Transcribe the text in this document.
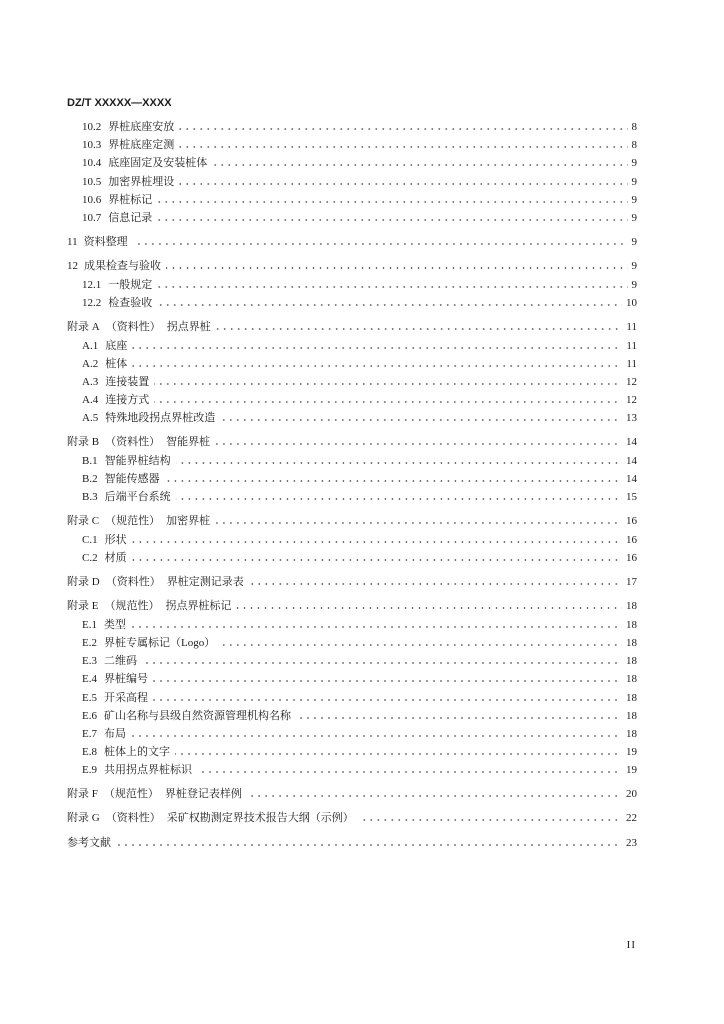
DZ/T XXXXX—XXXX
10.2 界桩底座安放	8
10.3 界桩底座定测	8
10.4 底座固定及安装桩体	9
10.5 加密界桩埋设	9
10.6 界桩标记	9
10.7 信息记录	9
11 资料整理	9
12 成果检查与验收	9
12.1 一般规定	9
12.2 检查验收	10
附录 A （资料性） 拐点界桩	11
A.1 底座	11
A.2 桩体	11
A.3 连接装置	12
A.4 连接方式	12
A.5 特殊地段拐点界桩改造	13
附录 B （资料性） 智能界桩	14
B.1 智能界桩结构	14
B.2 智能传感器	14
B.3 后端平台系统	15
附录 C （规范性） 加密界桩	16
C.1 形状	16
C.2 材质	16
附录 D （资料性） 界桩定测记录表	17
附录 E （规范性） 拐点界桩标记	18
E.1 类型	18
E.2 界桩专属标记（Logo）	18
E.3 二维码	18
E.4 界桩编号	18
E.5 开采高程	18
E.6 矿山名称与县级自然资源管理机构名称	18
E.7 布局	18
E.8 桩体上的文字	19
E.9 共用拐点界桩标识	19
附录 F （规范性） 界桩登记表样例	20
附录 G （资料性） 采矿权勘测定界技术报告大纲（示例）	22
参考文献	23
II
